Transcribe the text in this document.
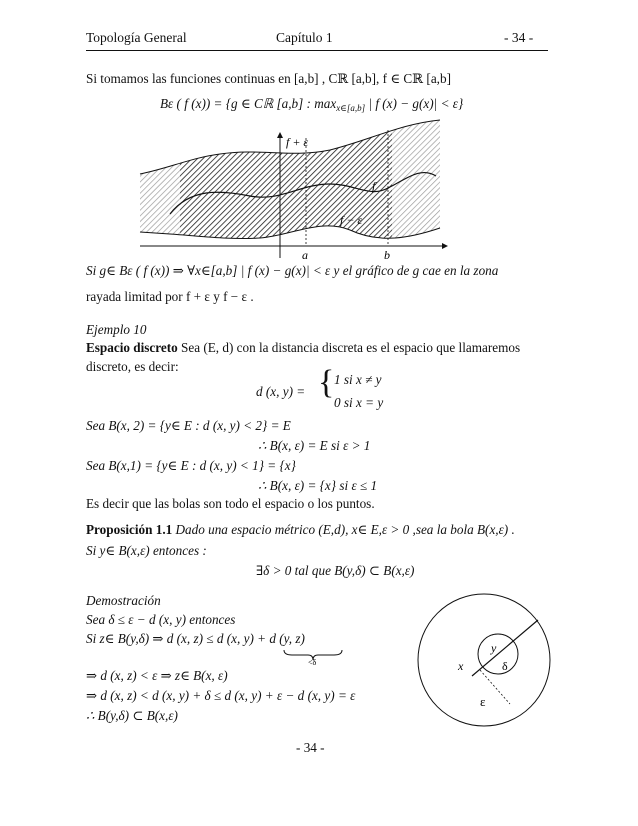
Topología General	Capítulo 1	- 34 -
Si tomamos las funciones continuas en [a,b] , Cℝ [a,b], f ∈ Cℝ [a,b]
Bε ( f (x)) = {g ∈ Cℝ [a,b] : $\max_{x\in[a,b]}$ | f (x) − g(x)| < ε}
a	b
f + ε
f − ε
f
Si g∈ Bε ( f (x)) ⇒ ∀x∈[a,b] | f (x) − g(x)| < ε y el gráfico de g cae en la zona
rayada limitad por f + ε y f − ε .
Ejemplo 10
Espacio discreto Sea (E, d) con la distancia discreta es el espacio que llamaremos
discreto, es decir:
d (x, y) = { 1 si x ≠ y
0 si x = y
Sea B(x, 2) = {y∈ E : d (x, y) < 2} = E
∴ B(x, ε) = E si ε > 1
Sea B(x,1) = {y∈ E : d (x, y) < 1} = {x}
∴ B(x, ε) = {x} si ε ≤ 1
Es decir que las bolas son todo el espacio o los puntos.
Proposición 1.1 Dado una espacio métrico (E,d), x∈ E,ε > 0 ,sea la bola B(x,ε) .
Si y∈ B(x,ε) entonces :
∃δ > 0 tal que B(y,δ) ⊂ B(x,ε)
Demostración
Sea δ ≤ ε − d (x, y) entonces
Si z∈ B(y,δ) ⇒ d (x, z) ≤ d (x, y) + d (y, z)
<δ
⇒ d (x, z) < ε ⇒ z∈ B(x, ε)
⇒ d (x, z) < d (x, y) + δ ≤ d (x, y) + ε − d (x, y) = ε
∴ B(y,δ) ⊂ B(x,ε)
x
y
δ
ε
- 34 -
